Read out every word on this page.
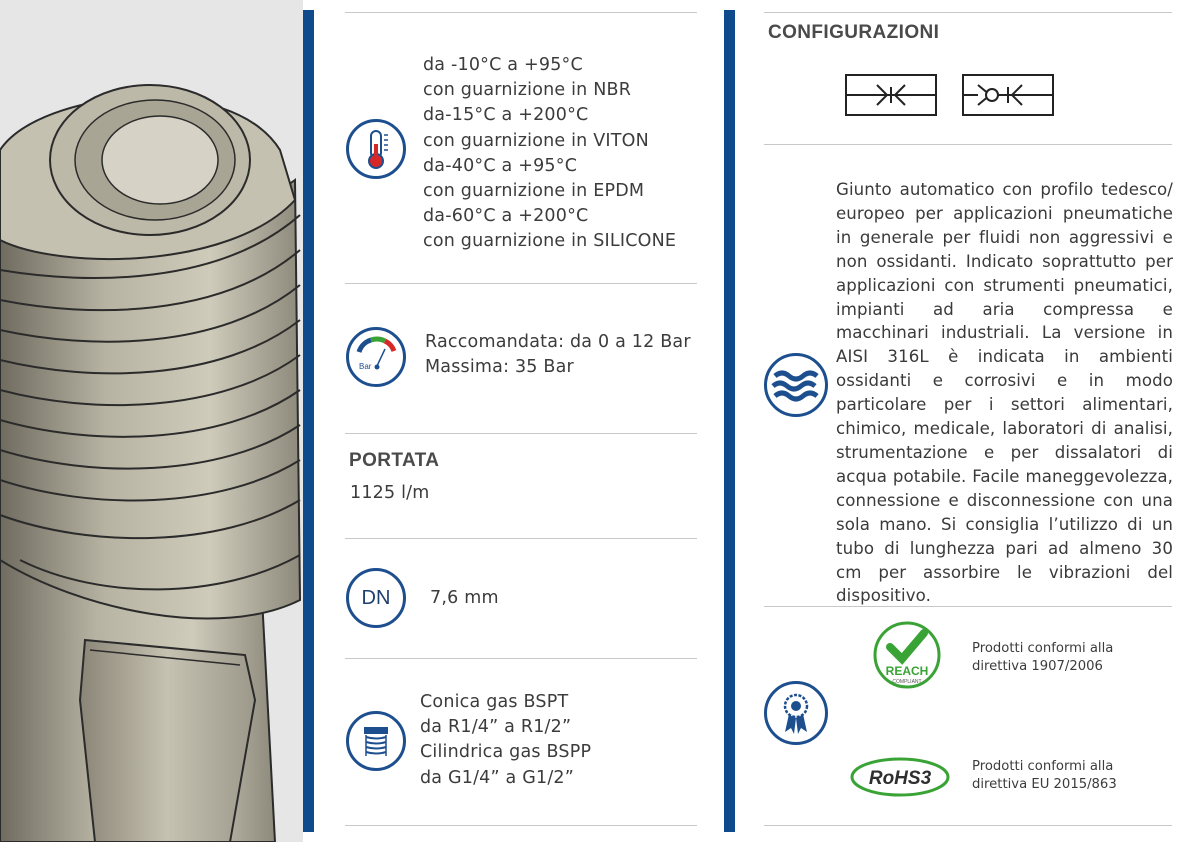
da -10°C a +95°C
con guarnizione in NBR
da-15°C a +200°C
con guarnizione in VITON
da-40°C a +95°C
con guarnizione in EPDM
da-60°C a +200°C
con guarnizione in SILICONE
Bar
Raccomandata: da 0 a 12 Bar
Massima: 35 Bar
PORTATA
1125 l/m
DN 7,6 mm
Conica gas BSPT
da R1/4” a R1/2”
Cilindrica gas BSPP
da G1/4” a G1/2”
CONFIGURAZIONI
Giunto automatico con profilo tedesco/ europeo per applicazioni pneumatiche in generale per fluidi non aggressivi e non ossidanti. Indicato soprattutto per applicazioni con strumenti pneumatici, impianti ad aria compressa e macchinari industriali. La versione in AISI 316L è indicata in ambienti ossidanti e corrosivi e in modo particolare per i settori alimentari, chimico, medicale, laboratori di analisi, strumentazione e per dissalatori di acqua potabile. Facile maneggevolezza, connessione e disconnessione con una sola mano. Si consiglia l’utilizzo di un tubo di lunghezza pari ad almeno 30 cm per assorbire le vibrazioni del dispositivo.
REACH
COMPLIANT
Prodotti conformi alla
direttiva 1907/2006
RoHS3
Prodotti conformi alla
direttiva EU 2015/863
